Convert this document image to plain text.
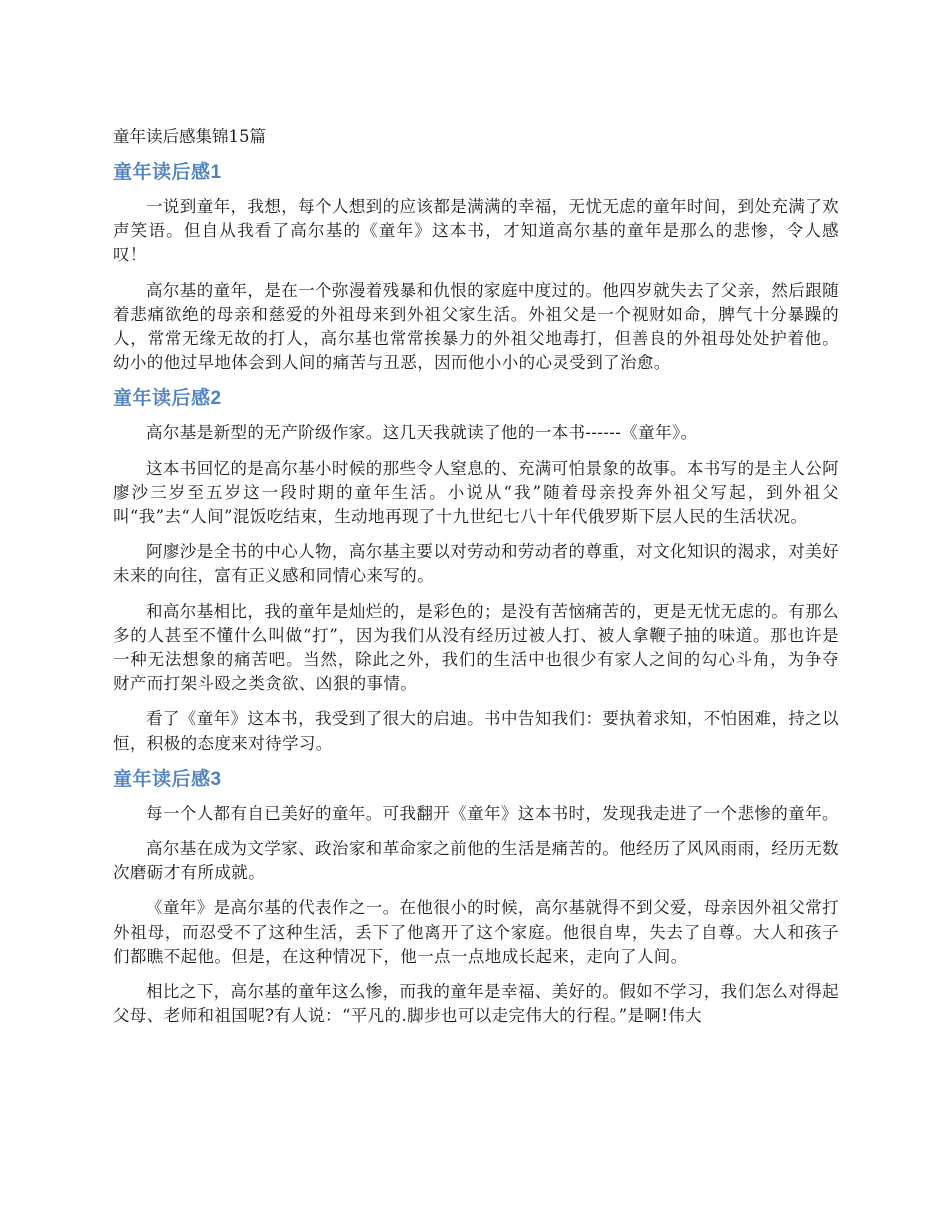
童年读后感集锦15篇
童年读后感1

一说到童年，我想，每个人想到的应该都是满满的幸福，无忧无虑的童年时间，到处充满了欢声笑语。但自从我看了高尔基的《童年》这本书，才知道高尔基的童年是那么的悲惨，令人感叹！

高尔基的童年，是在一个弥漫着残暴和仇恨的家庭中度过的。他四岁就失去了父亲，然后跟随着悲痛欲绝的母亲和慈爱的外祖母来到外祖父家生活。外祖父是一个视财如命，脾气十分暴躁的人，常常无缘无故的打人，高尔基也常常挨暴力的外祖父地毒打，但善良的外祖母处处护着他。幼小的他过早地体会到人间的痛苦与丑恶，因而他小小的心灵受到了治愈。

童年读后感2

高尔基是新型的无产阶级作家。这几天我就读了他的一本书------《童年》。

这本书回忆的是高尔基小时候的那些令人窒息的、充满可怕景象的故事。本书写的是主人公阿廖沙三岁至五岁这一段时期的童年生活。小说从“我”随着母亲投奔外祖父写起，到外祖父叫“我”去“人间”混饭吃结束，生动地再现了十九世纪七八十年代俄罗斯下层人民的生活状况。

阿廖沙是全书的中心人物，高尔基主要以对劳动和劳动者的尊重，对文化知识的渴求，对美好未来的向往，富有正义感和同情心来写的。

和高尔基相比，我的童年是灿烂的，是彩色的；是没有苦恼痛苦的，更是无忧无虑的。有那么多的人甚至不懂什么叫做“打”，因为我们从没有经历过被人打、被人拿鞭子抽的味道。那也许是一种无法想象的痛苦吧。当然，除此之外，我们的生活中也很少有家人之间的勾心斗角，为争夺财产而打架斗殴之类贪欲、凶狠的事情。

看了《童年》这本书，我受到了很大的启迪。书中告知我们：要执着求知，不怕困难，持之以恒，积极的态度来对待学习。

童年读后感3

每一个人都有自已美好的童年。可我翻开《童年》这本书时，发现我走进了一个悲惨的童年。

高尔基在成为文学家、政治家和革命家之前他的生活是痛苦的。他经历了风风雨雨，经历无数次磨砺才有所成就。

《童年》是高尔基的代表作之一。在他很小的时候，高尔基就得不到父爱，母亲因外祖父常打外祖母，而忍受不了这种生活，丢下了他离开了这个家庭。他很自卑，失去了自尊。大人和孩子们都瞧不起他。但是，在这种情况下，他一点一点地成长起来，走向了人间。

相比之下，高尔基的童年这么惨，而我的童年是幸福、美好的。假如不学习，我们怎么对得起父母、老师和祖国呢?有人说：“平凡的.脚步也可以走完伟大的行程。”是啊!伟大
